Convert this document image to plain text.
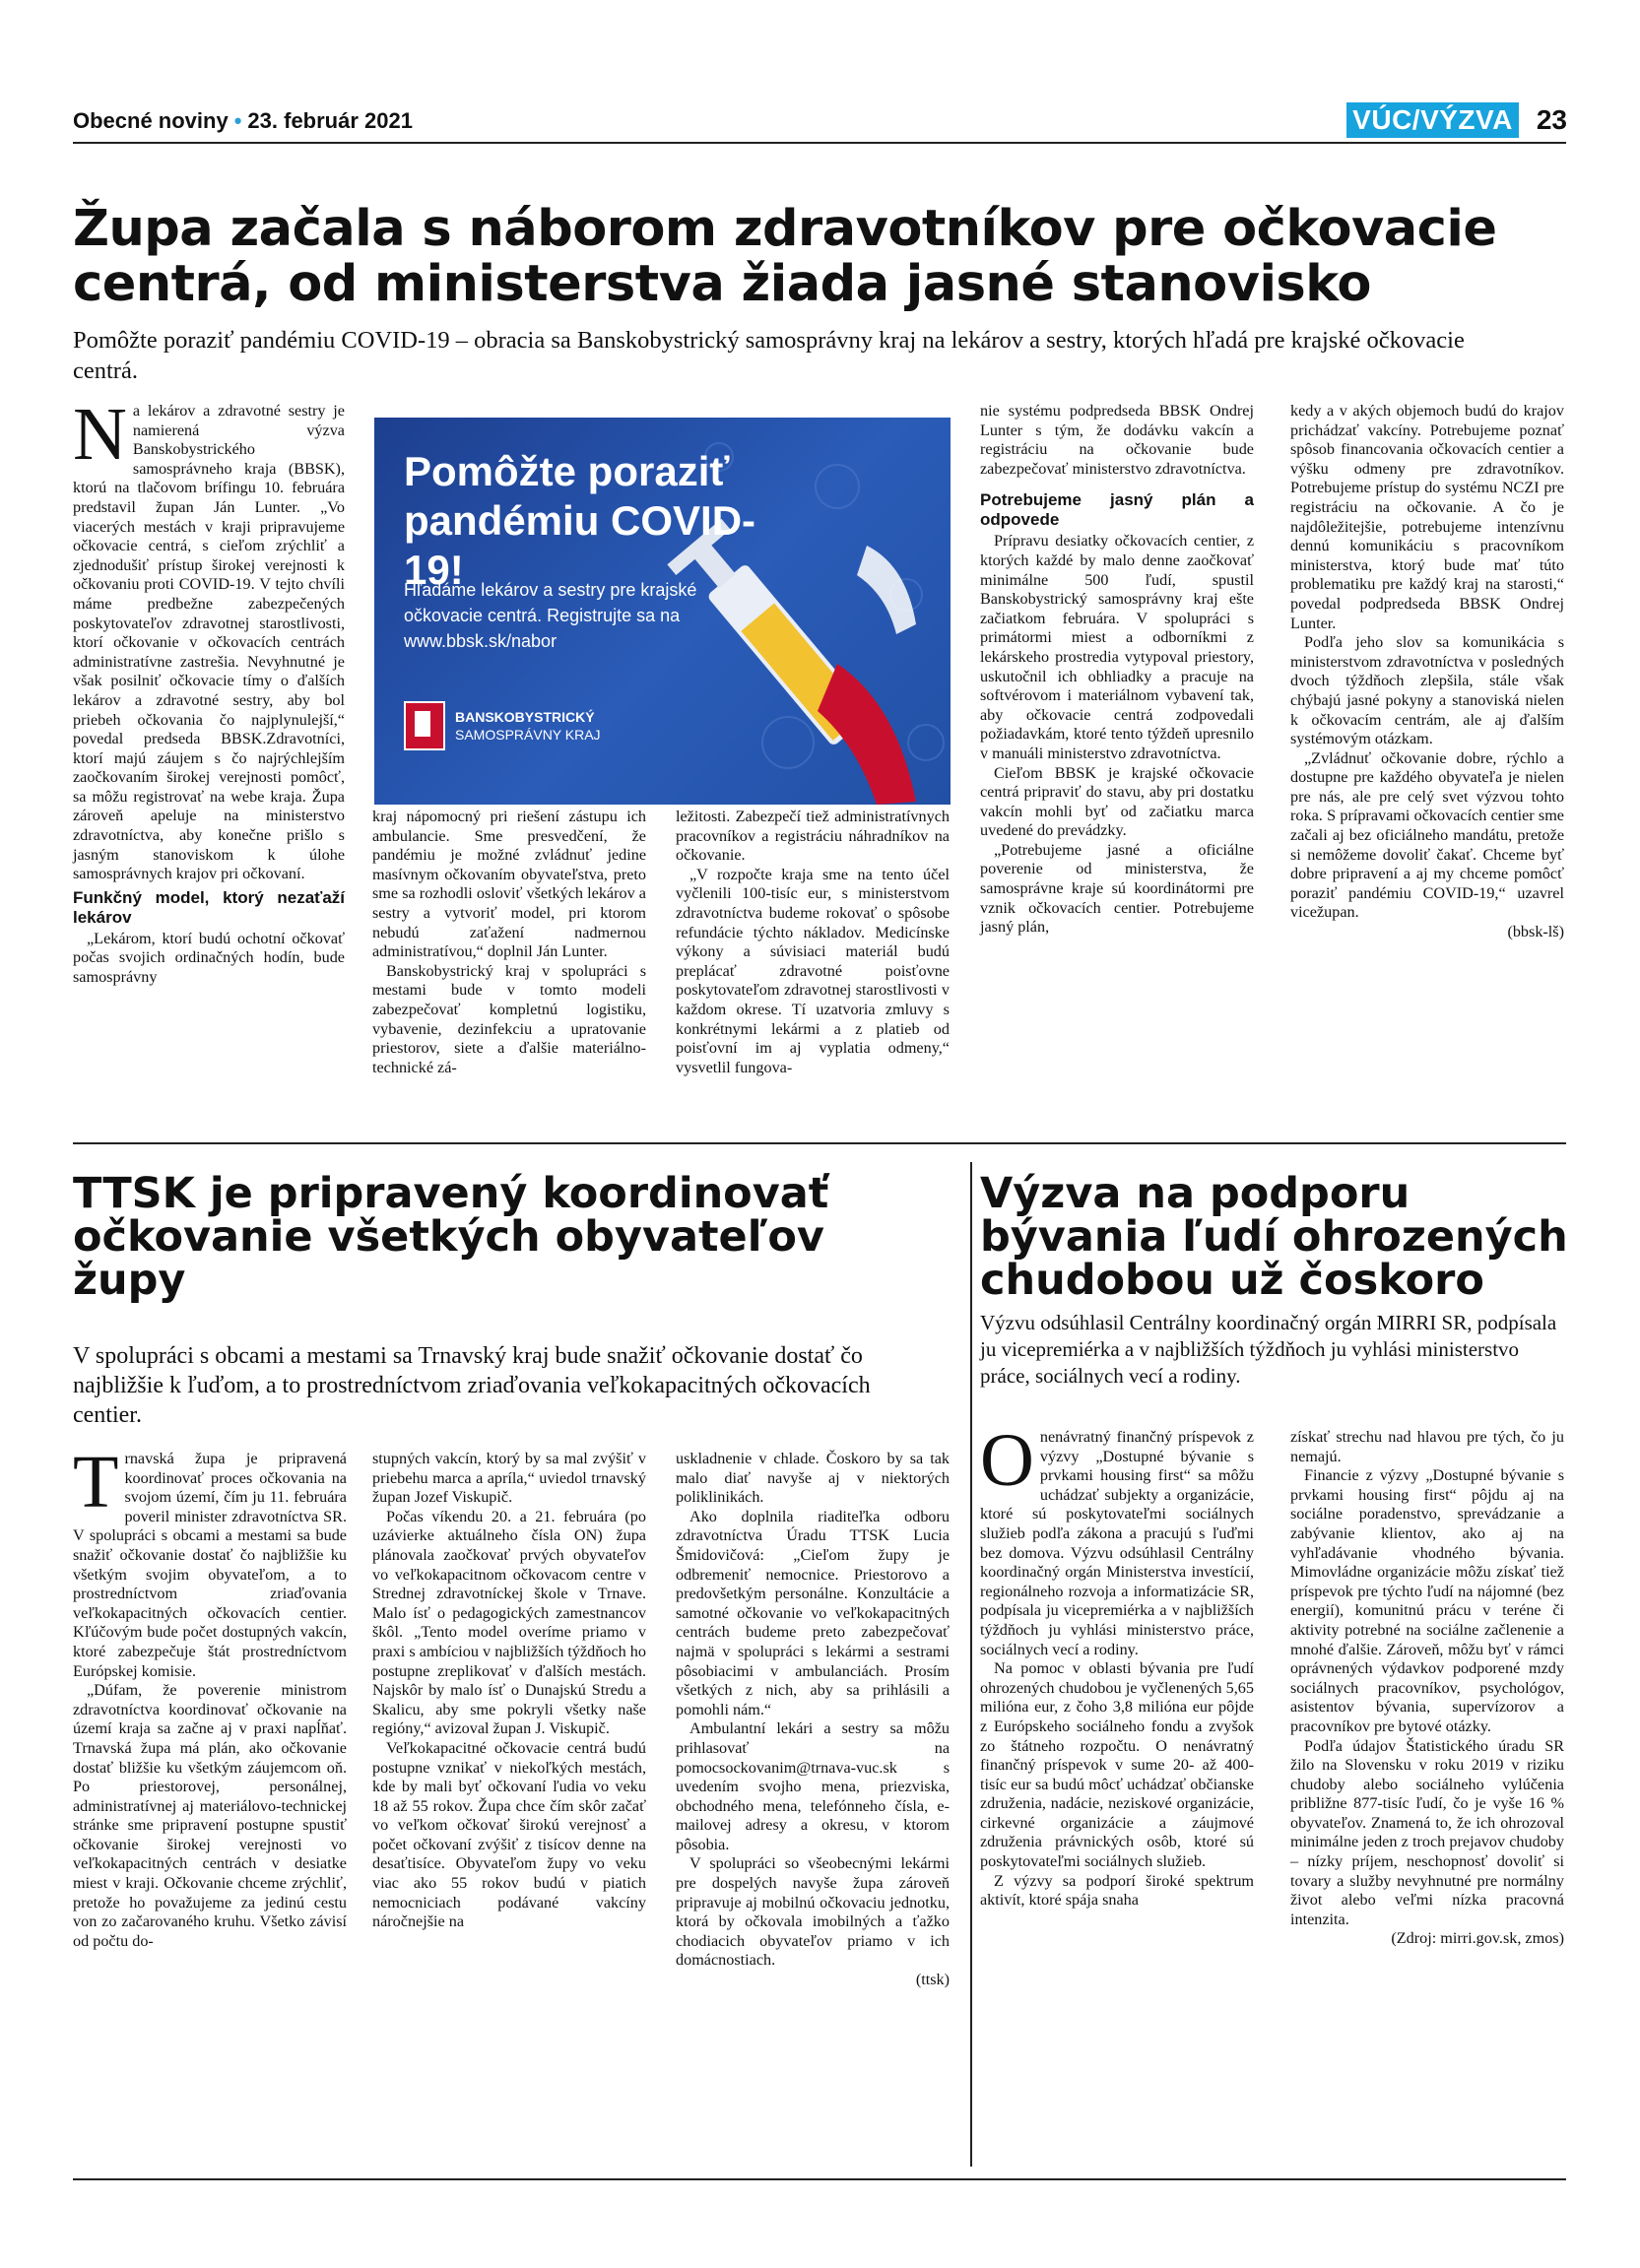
Obecné noviny • 23. február 2021	VÚC/VÝZVA 23
Župa začala s náborom zdravotníkov pre očkovacie
centrá, od ministerstva žiada jasné stanovisko
Pomôžte poraziť pandémiu COVID-19 – obracia sa Banskobystrický samosprávny kraj na lekárov a sestry, ktorých hľadá pre krajské očkovacie centrá.

Na lekárov a zdravotné sestry je namierená výzva Banskobystrického samosprávneho kraja (BBSK), ktorú na tlačovom brífingu 10. februára predstavil župan Ján Lunter. „Vo viacerých mestách v kraji pripravujeme očkovacie centrá, s cieľom zrýchliť a zjednodušiť prístup širokej verejnosti k očkovaniu proti COVID-19. V tejto chvíli máme predbežne zabezpečených poskytovateľov zdravotnej starostlivosti, ktorí očkovanie v očkovacích centrách administratívne zastrešia. Nevyhnutné je však posilniť očkovacie tímy o ďalších lekárov a zdravotné sestry, aby bol priebeh očkovania čo najplynulejší,“ povedal predseda BBSK.Zdravotníci, ktorí majú záujem s čo najrýchlejším zaočkovaním širokej verejnosti pomôcť, sa môžu registrovať na webe kraja. Župa zároveň apeluje na ministerstvo zdravotníctva, aby konečne prišlo s jasným stanoviskom k úlohe samosprávnych krajov pri očkovaní.

Funkčný model, ktorý nezaťaží lekárov

„Lekárom, ktorí budú ochotní očkovať počas svojich ordinačných hodín, bude samosprávny

Pomôžte poraziť pandémiu COVID-19!
Hľadáme lekárov a sestry pre krajské očkovacie centrá. Registrujte sa na www.bbsk.sk/nabor
BANSKOBYSTRICKÝ
SAMOSPRÁVNY KRAJ

kraj nápomocný pri riešení zástupu ich ambulancie. Sme presvedčení, že pandémiu je možné zvládnuť jedine masívnym očkovaním obyvateľstva, preto sme sa rozhodli osloviť všetkých lekárov a sestry a vytvoriť model, pri ktorom nebudú zaťažení nadmernou administratívou,“ doplnil Ján Lunter.

Banskobystrický kraj v spolupráci s mestami bude v tomto modeli zabezpečovať kompletnú logistiku, vybavenie, dezinfekciu a upratovanie priestorov, siete a ďalšie materiálno-technické zá-

ležitosti. Zabezpečí tiež administratívnych pracovníkov a registráciu náhradníkov na očkovanie.

„V rozpočte kraja sme na tento účel vyčlenili 100-tisíc eur, s ministerstvom zdravotníctva budeme rokovať o spôsobe refundácie týchto nákladov. Medicínske výkony a súvisiaci materiál budú preplácať zdravotné poisťovne poskytovateľom zdravotnej starostlivosti v každom okrese. Tí uzatvoria zmluvy s konkrétnymi lekármi a z platieb od poisťovní im aj vyplatia odmeny,“ vysvetlil fungova-

nie systému podpredseda BBSK Ondrej Lunter s tým, že dodávku vakcín a registráciu na očkovanie bude zabezpečovať ministerstvo zdravotníctva.

Potrebujeme jasný plán a odpovede

Prípravu desiatky očkovacích centier, z ktorých každé by malo denne zaočkovať minimálne 500 ľudí, spustil Banskobystrický samosprávny kraj ešte začiatkom februára. V spolupráci s primátormi miest a odborníkmi z lekárskeho prostredia vytypoval priestory, uskutočnil ich obhliadky a pracuje na softvérovom i materiálnom vybavení tak, aby očkovacie centrá zodpovedali požiadavkám, ktoré tento týždeň upresnilo v manuáli ministerstvo zdravotníctva.

Cieľom BBSK je krajské očkovacie centrá pripraviť do stavu, aby pri dostatku vakcín mohli byť od začiatku marca uvedené do prevádzky.

„Potrebujeme jasné a oficiálne poverenie od ministerstva, že samosprávne kraje sú koordinátormi pre vznik očkovacích centier. Potrebujeme jasný plán,

kedy a v akých objemoch budú do krajov prichádzať vakcíny. Potrebujeme poznať spôsob financovania očkovacích centier a výšku odmeny pre zdravotníkov. Potrebujeme prístup do systému NCZI pre registráciu na očkovanie. A čo je najdôležitejšie, potrebujeme intenzívnu dennú komunikáciu s pracovníkom ministerstva, ktorý bude mať túto problematiku pre každý kraj na starosti,“ povedal podpredseda BBSK Ondrej Lunter.

Podľa jeho slov sa komunikácia s ministerstvom zdravotníctva v posledných dvoch týždňoch zlepšila, stále však chýbajú jasné pokyny a stanoviská nielen k očkovacím centrám, ale aj ďalším systémovým otázkam.

„Zvládnuť očkovanie dobre, rýchlo a dostupne pre každého obyvateľa je nielen pre nás, ale pre celý svet výzvou tohto roka. S prípravami očkovacích centier sme začali aj bez oficiálneho mandátu, pretože si nemôžeme dovoliť čakať. Chceme byť dobre pripravení a aj my chceme pomôcť poraziť pandémiu COVID-19,“ uzavrel vicežupan.

(bbsk-lš)

TTSK je pripravený koordinovať
očkovanie všetkých obyvateľov
župy
V spolupráci s obcami a mestami sa Trnavský kraj bude snažiť očkovanie dostať čo najbližšie k ľuďom, a to prostredníctvom zriaďovania veľkokapacitných očkovacích centier.

Trnavská župa je pripravená koordinovať proces očkovania na svojom území, čím ju 11. februára poveril minister zdravotníctva SR. V spolupráci s obcami a mestami sa bude snažiť očkovanie dostať čo najbližšie ku všetkým svojim obyvateľom, a to prostredníctvom zriaďovania veľkokapacitných očkovacích centier. Kľúčovým bude počet dostupných vakcín, ktoré zabezpečuje štát prostredníctvom Európskej komisie.

„Dúfam, že poverenie ministrom zdravotníctva koordinovať očkovanie na území kraja sa začne aj v praxi napĺňať. Trnavská župa má plán, ako očkovanie dostať bližšie ku všetkým záujemcom oň. Po priestorovej, personálnej, administratívnej aj materiálovo-technickej stránke sme pripravení postupne spustiť očkovanie širokej verejnosti vo veľkokapacitných centrách v desiatke miest v kraji. Očkovanie chceme zrýchliť, pretože ho považujeme za jedinú cestu von zo začarovaného kruhu. Všetko závisí od počtu do-

stupných vakcín, ktorý by sa mal zvýšiť v priebehu marca a apríla,“ uviedol trnavský župan Jozef Viskupič.

Počas víkendu 20. a 21. februára (po uzávierke aktuálneho čísla ON) župa plánovala zaočkovať prvých obyvateľov vo veľkokapacitnom očkovacom centre v Strednej zdravotníckej škole v Trnave. Malo ísť o pedagogických zamestnancov škôl. „Tento model overíme priamo v praxi s ambíciou v najbližších týždňoch ho postupne zreplikovať v ďalších mestách. Najskôr by malo ísť o Dunajskú Stredu a Skalicu, aby sme pokryli všetky naše regióny,“ avizoval župan J. Viskupič.

Veľkokapacitné očkovacie centrá budú postupne vznikať v niekoľkých mestách, kde by mali byť očkovaní ľudia vo veku 18 až 55 rokov. Župa chce čím skôr začať vo veľkom očkovať širokú verejnosť a počet očkovaní zvýšiť z tisícov denne na desaťtisíce. Obyvateľom župy vo veku viac ako 55 rokov budú v piatich nemocniciach podávané vakcíny náročnejšie na

uskladnenie v chlade. Čoskoro by sa tak malo diať navyše aj v niektorých poliklinikách.

Ako doplnila riaditeľka odboru zdravotníctva Úradu TTSK Lucia Šmidovičová: „Cieľom župy je odbremeniť nemocnice. Priestorovo a predovšetkým personálne. Konzultácie a samotné očkovanie vo veľkokapacitných centrách budeme preto zabezpečovať najmä v spolupráci s lekármi a sestrami pôsobiacimi v ambulanciách. Prosím všetkých z nich, aby sa prihlásili a pomohli nám.“

Ambulantní lekári a sestry sa môžu prihlasovať na pomocsockovanim@trnava-vuc.sk s uvedením svojho mena, priezviska, obchodného mena, telefónneho čísla, e-mailovej adresy a okresu, v ktorom pôsobia.

V spolupráci so všeobecnými lekármi pre dospelých navyše župa zároveň pripravuje aj mobilnú očkovaciu jednotku, ktorá by očkovala imobilných a ťažko chodiacich obyvateľov priamo v ich domácnostiach.

(ttsk)

Výzva na podporu
bývania ľudí ohrozených
chudobou už čoskoro
Výzvu odsúhlasil Centrálny koordinačný orgán MIRRI SR, podpísala ju vicepremiérka a v najbližších týždňoch ju vyhlási ministerstvo práce, sociálnych vecí a rodiny.

Onenávratný finančný príspevok z výzvy „Dostupné bývanie s prvkami housing first“ sa môžu uchádzať subjekty a organizácie, ktoré sú poskytovateľmi sociálnych služieb podľa zákona a pracujú s ľuďmi bez domova. Výzvu odsúhlasil Centrálny koordinačný orgán Ministerstva investícií, regionálneho rozvoja a informatizácie SR, podpísala ju vicepremiérka a v najbližších týždňoch ju vyhlási ministerstvo práce, sociálnych vecí a rodiny.

Na pomoc v oblasti bývania pre ľudí ohrozených chudobou je vyčlenených 5,65 milióna eur, z čoho 3,8 milióna eur pôjde z Európskeho sociálneho fondu a zvyšok zo štátneho rozpočtu. O nenávratný finančný príspevok v sume 20- až 400-tisíc eur sa budú môcť uchádzať občianske združenia, nadácie, neziskové organizácie, cirkevné organizácie a záujmové združenia právnických osôb, ktoré sú poskytovateľmi sociálnych služieb.

Z výzvy sa podporí široké spektrum aktivít, ktoré spája snaha

získať strechu nad hlavou pre tých, čo ju nemajú.

Financie z výzvy „Dostupné bývanie s prvkami housing first“ pôjdu aj na sociálne poradenstvo, sprevádzanie a zabývanie klientov, ako aj na vyhľadávanie vhodného bývania. Mimovládne organizácie môžu získať tiež príspevok pre týchto ľudí na nájomné (bez energií), komunitnú prácu v teréne či aktivity potrebné na sociálne začlenenie a mnohé ďalšie. Zároveň, môžu byť v rámci oprávnených výdavkov podporené mzdy sociálnych pracovníkov, psychológov, asistentov bývania, supervízorov a pracovníkov pre bytové otázky.

Podľa údajov Štatistického úradu SR žilo na Slovensku v roku 2019 v riziku chudoby alebo sociálneho vylúčenia približne 877-tisíc ľudí, čo je vyše 16 % obyvateľov. Znamená to, že ich ohrozoval minimálne jeden z troch prejavov chudoby – nízky príjem, neschopnosť dovoliť si tovary a služby nevyhnutné pre normálny život alebo veľmi nízka pracovná intenzita.

(Zdroj: mirri.gov.sk, zmos)
